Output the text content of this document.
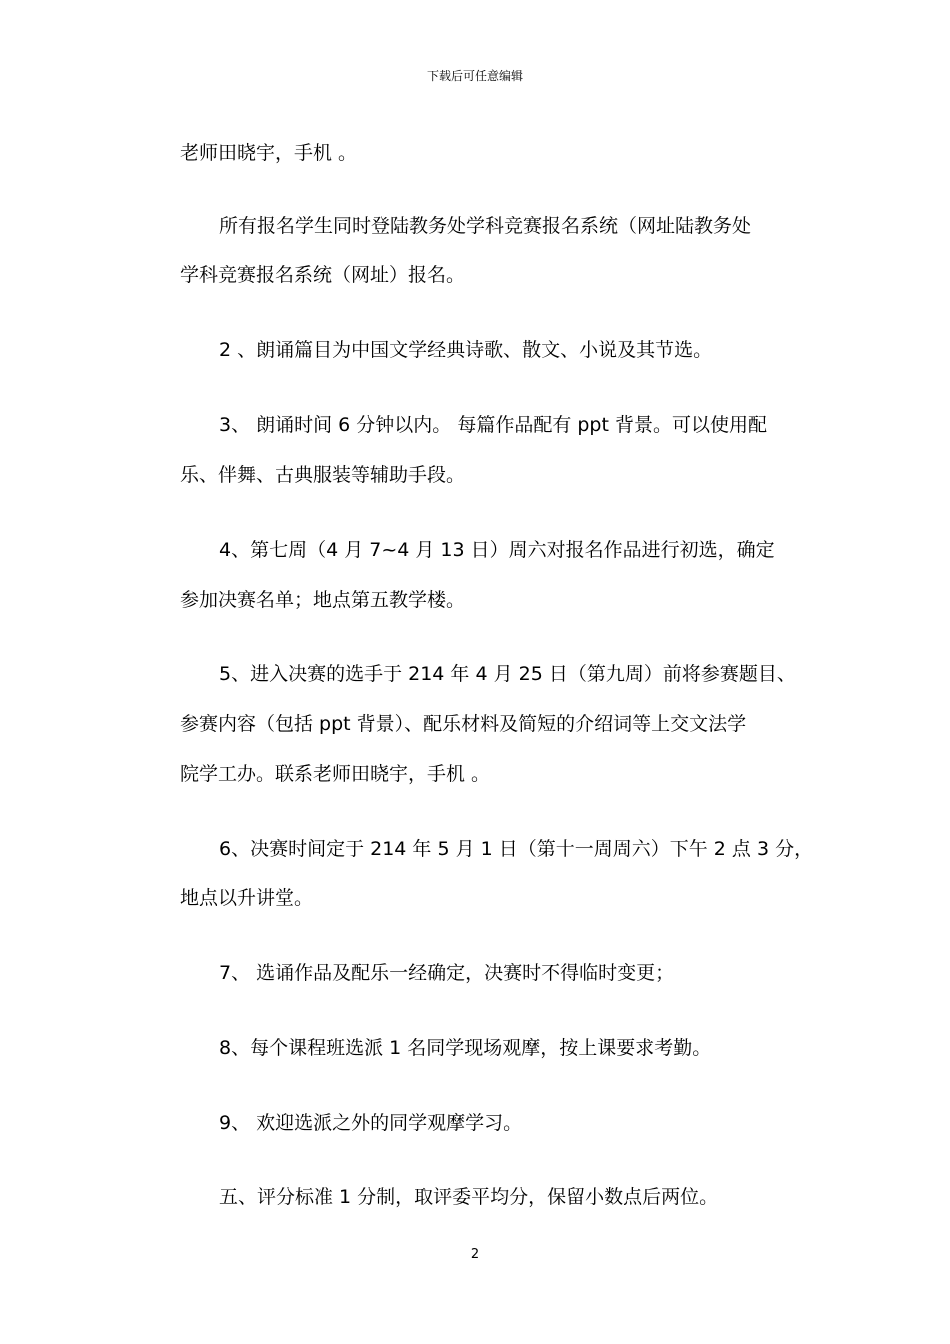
下载后可任意编辑
老师田晓宇，手机 。
所有报名学生同时登陆教务处学科竞赛报名系统（网址陆教务处
学科竞赛报名系统（网址）报名。
2 、朗诵篇目为中国文学经典诗歌、散文、小说及其节选。
3、 朗诵时间 6 分钟以内。 每篇作品配有 ppt 背景。可以使用配
乐、伴舞、古典服装等辅助手段。
4、第七周（4 月 7~4 月 13 日）周六对报名作品进行初选，确定
参加决赛名单；地点第五教学楼。
5、进入决赛的选手于 214 年 4 月 25 日（第九周）前将参赛题目、
参赛内容（包括 ppt 背景）、配乐材料及简短的介绍词等上交文法学
院学工办。联系老师田晓宇，手机 。
6、决赛时间定于 214 年 5 月 1 日（第十一周周六）下午 2 点 3 分，
地点以升讲堂。
7、 选诵作品及配乐一经确定，决赛时不得临时变更；
8、每个课程班选派 1 名同学现场观摩，按上课要求考勤。
9、 欢迎选派之外的同学观摩学习。
五、评分标准 1 分制，取评委平均分，保留小数点后两位。
2
